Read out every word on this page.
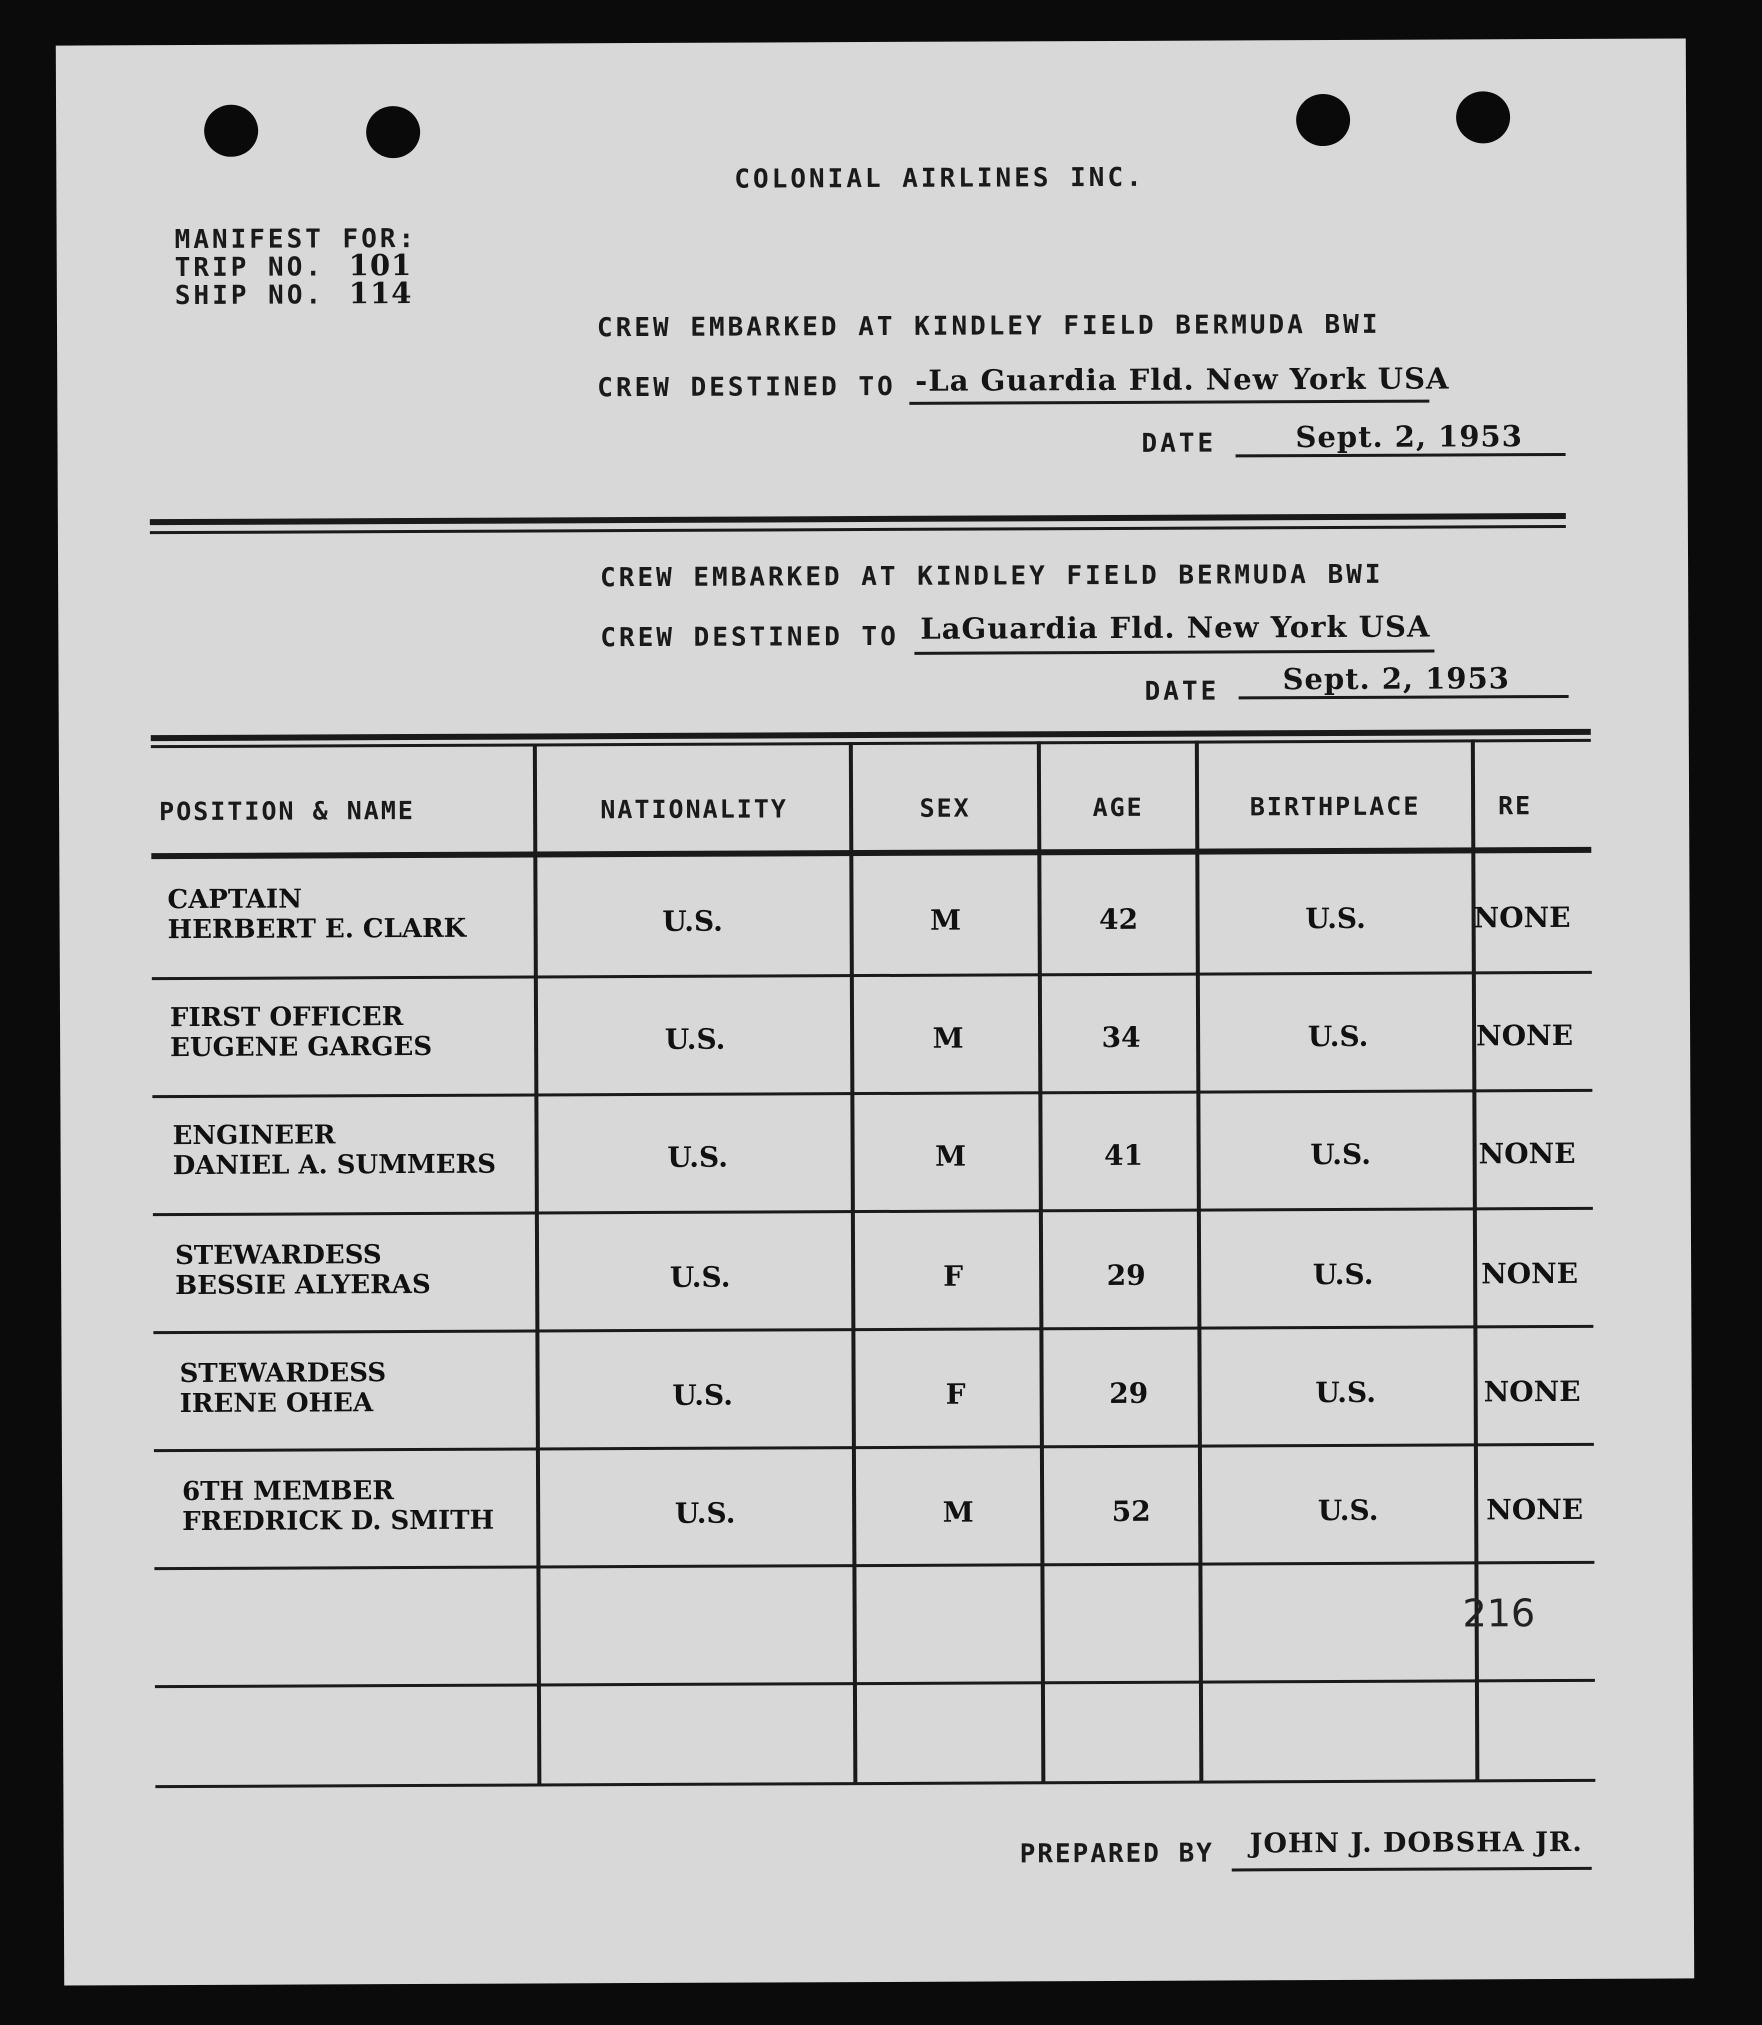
COLONIAL AIRLINES INC.
MANIFEST FOR:
TRIP NO. 101
SHIP NO. 114
CREW EMBARKED AT KINDLEY FIELD BERMUDA BWI
CREW DESTINED TO -La Guardia Fld. New York USA
DATE	Sept. 2, 1953
CREW EMBARKED AT KINDLEY FIELD BERMUDA BWI
CREW DESTINED TO LaGuardia Fld. New York USA
DATE Sept. 2, 1953
POSITION & NAME	NATIONALITY	SEX	AGE	BIRTHPLACE	RE
CAPTAIN
HERBERT E. CLARK	U.S.	M	42	U.S.	NONE
FIRST OFFICER
EUGENE GARGES	U.S.	M	34	U.S.	NONE
ENGINEER
DANIEL A. SUMMERS	U.S.	M	41	U.S.	NONE
STEWARDESS
BESSIE ALYERAS	U.S.	F	29	U.S.	NONE
STEWARDESS
IRENE OHEA	U.S.	F	29	U.S.	NONE
6TH MEMBER
FREDRICK D. SMITH	U.S.	M	52	U.S.	NONE
216
PREPARED BY JOHN J. DOBSHA JR.
